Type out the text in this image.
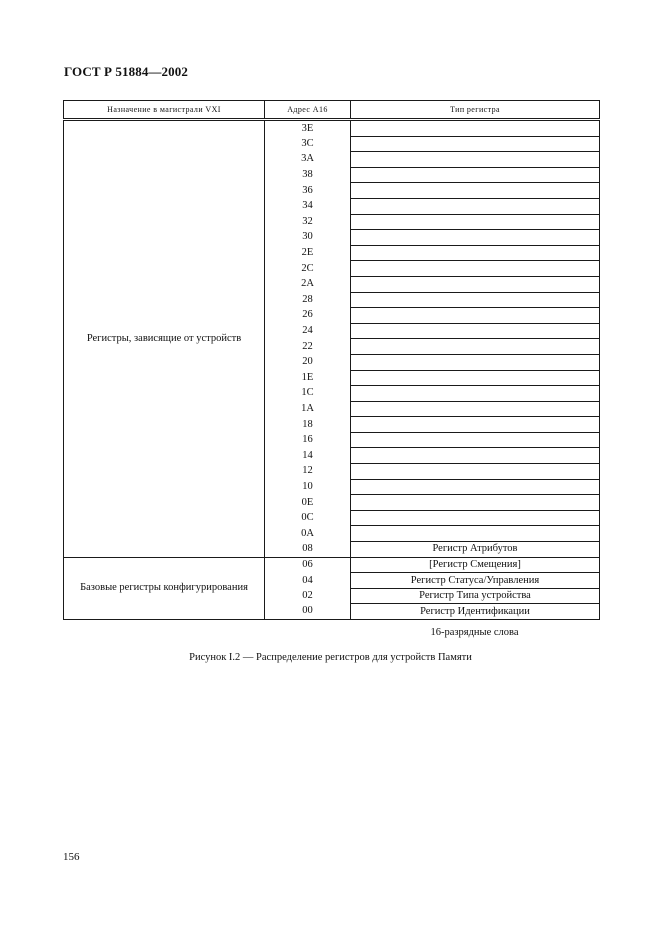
ГОСТ Р 51884—2002
Назначение в магистрали VXI	Адрес А16	Тип регистра
Регистры, зависящие от устройств	3E	
	3C	
	3A	
	38	
	36	
	34	
	32	
	30	
	2E	
	2C	
	2A	
	28	
	26	
	24	
	22	
	20	
	1E	
	1C	
	1A	
	18	
	16	
	14	
	12	
	10	
	0E	
	0C	
	0A	
	08	Регистр Атрибутов
Базовые регистры конфигурирования	06	[Регистр Смещения]
	04	Регистр Статуса/Управления
	02	Регистр Типа устройства
	00	Регистр Идентификации
16-разрядные слова
Рисунок I.2 — Распределение регистров для устройств Памяти
156
